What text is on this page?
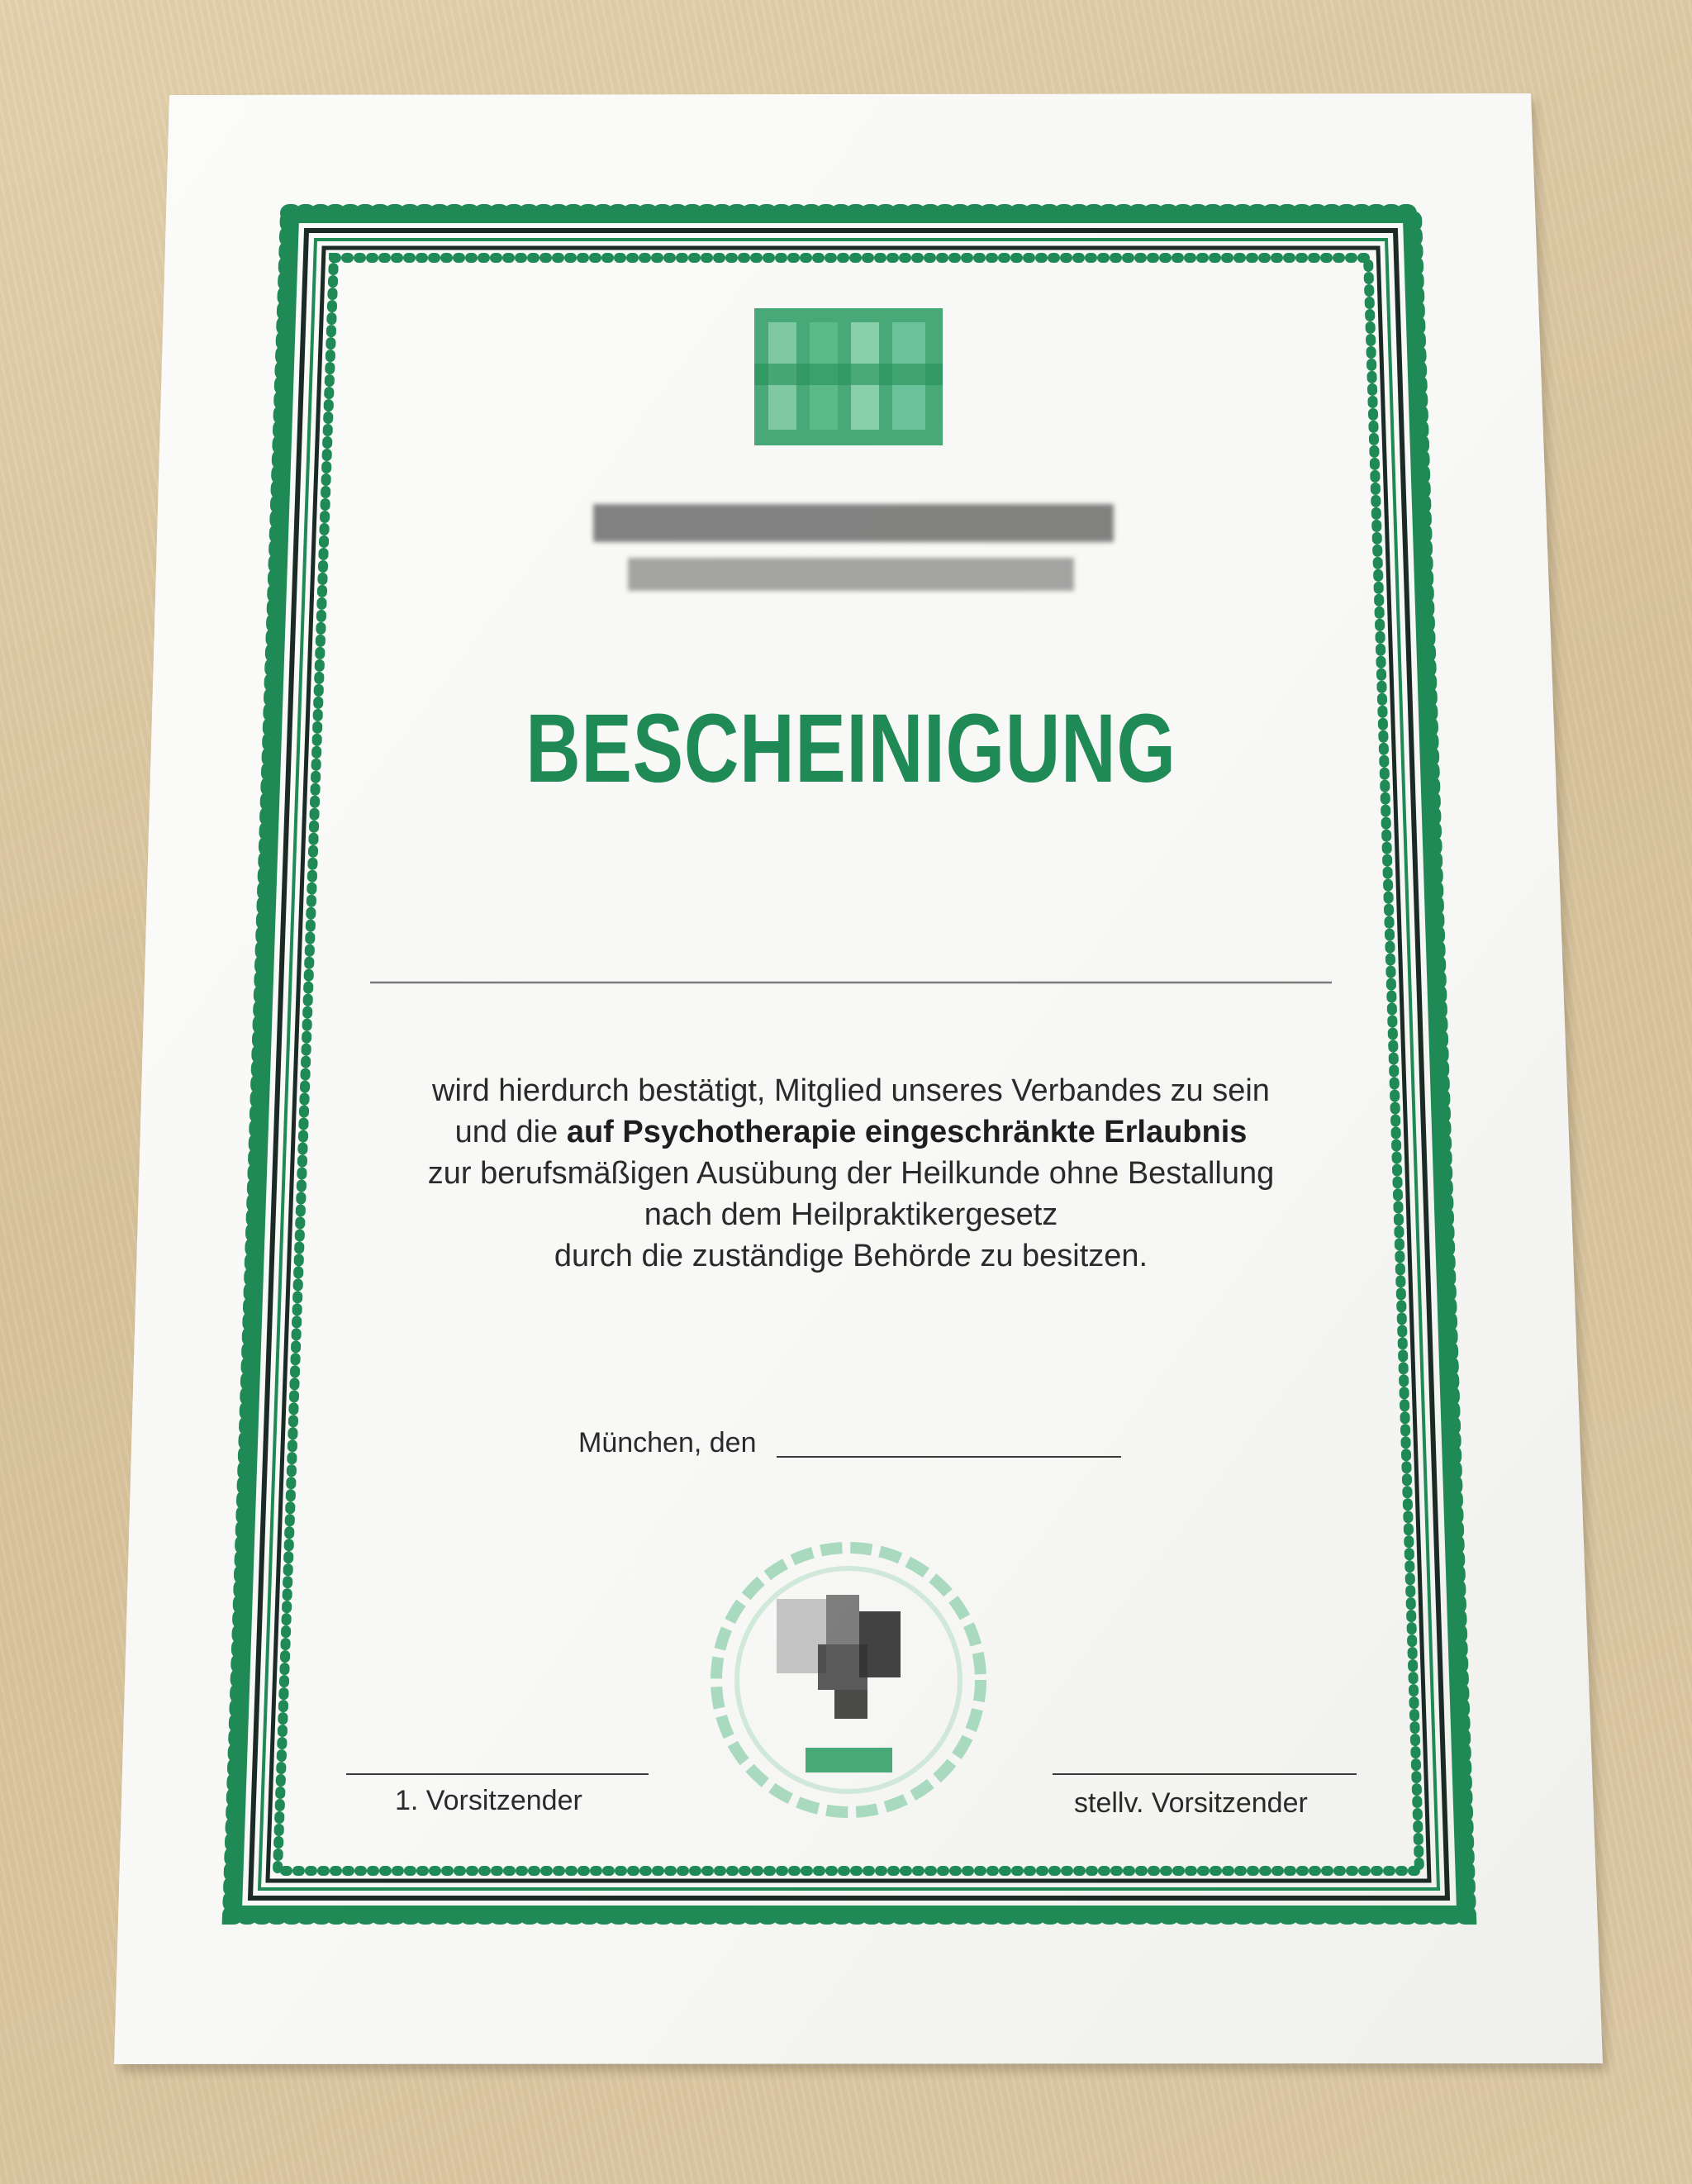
BESCHEINIGUNG
wird hierdurch bestätigt, Mitglied unseres Verbandes zu sein
und die auf Psychotherapie eingeschränkte Erlaubnis
zur berufsmäßigen Ausübung der Heilkunde ohne Bestallung
nach dem Heilpraktikergesetz
durch die zuständige Behörde zu besitzen.
München, den
1. Vorsitzender	stellv. Vorsitzender
